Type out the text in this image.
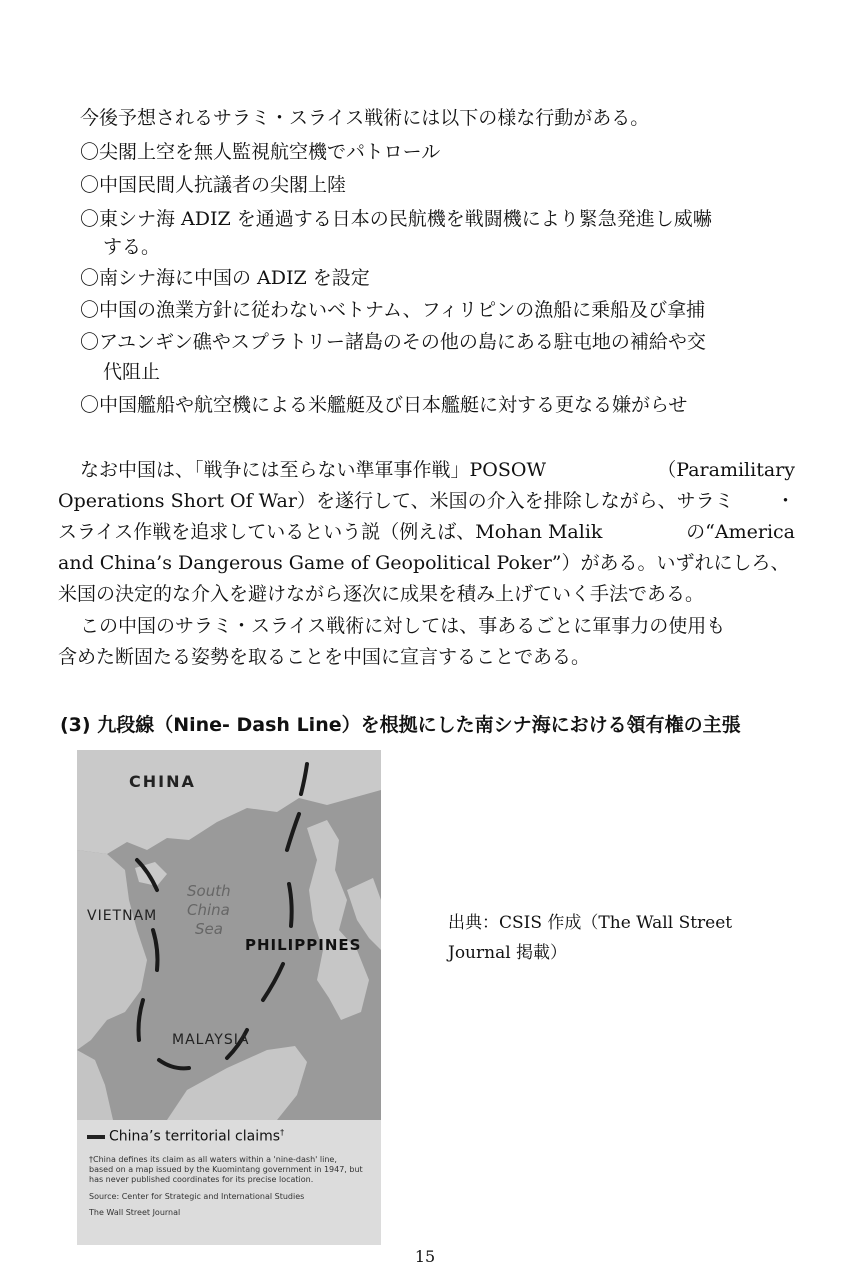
今後予想されるサラミ・スライス戦術には以下の様な行動がある。
〇尖閣上空を無人監視航空機でパトロール
〇中国民間人抗議者の尖閣上陸
〇東シナ海 ADIZ を通過する日本の民航機を戦闘機により緊急発進し威嚇
する。
〇南シナ海に中国の ADIZ を設定
〇中国の漁業方針に従わないベトナム、フィリピンの漁船に乗船及び拿捕
〇アユンギン礁やスプラトリー諸島のその他の島にある駐屯地の補給や交
代阻止
〇中国艦船や航空機による米艦艇及び日本艦艇に対する更なる嫌がらせ
なお中国は、「戦争には至らない準軍事作戦」POSOW	（Paramilitary
Operations Short Of War）を遂行して、米国の介入を排除しながら、サラミ ・
スライス作戦を追求しているという説（例えば、Mohan Malik	の“America
and China’s Dangerous Game of Geopolitical Poker”）がある。いずれにしろ、
米国の決定的な介入を避けながら逐次に成果を積み上げていく手法である。
この中国のサラミ・スライス戦術に対しては、事あるごとに軍事力の使用も
含めた断固たる姿勢を取ることを中国に宣言することである。
(3) 九段線（Nine- Dash Line）を根拠にした南シナ海における領有権の主張
CHINA
South
China
Sea
VIETNAM
PHILIPPINES
MALAYSIA
China’s territorial claims†
†China defines its claim as all waters within a 'nine-dash' line,
based on a map issued by the Kuomintang government in 1947, but
has never published coordinates for its precise location.
Source: Center for Strategic and International Studies
The Wall Street Journal
出典：CSIS 作成（The Wall Street
Journal 掲載）
15
